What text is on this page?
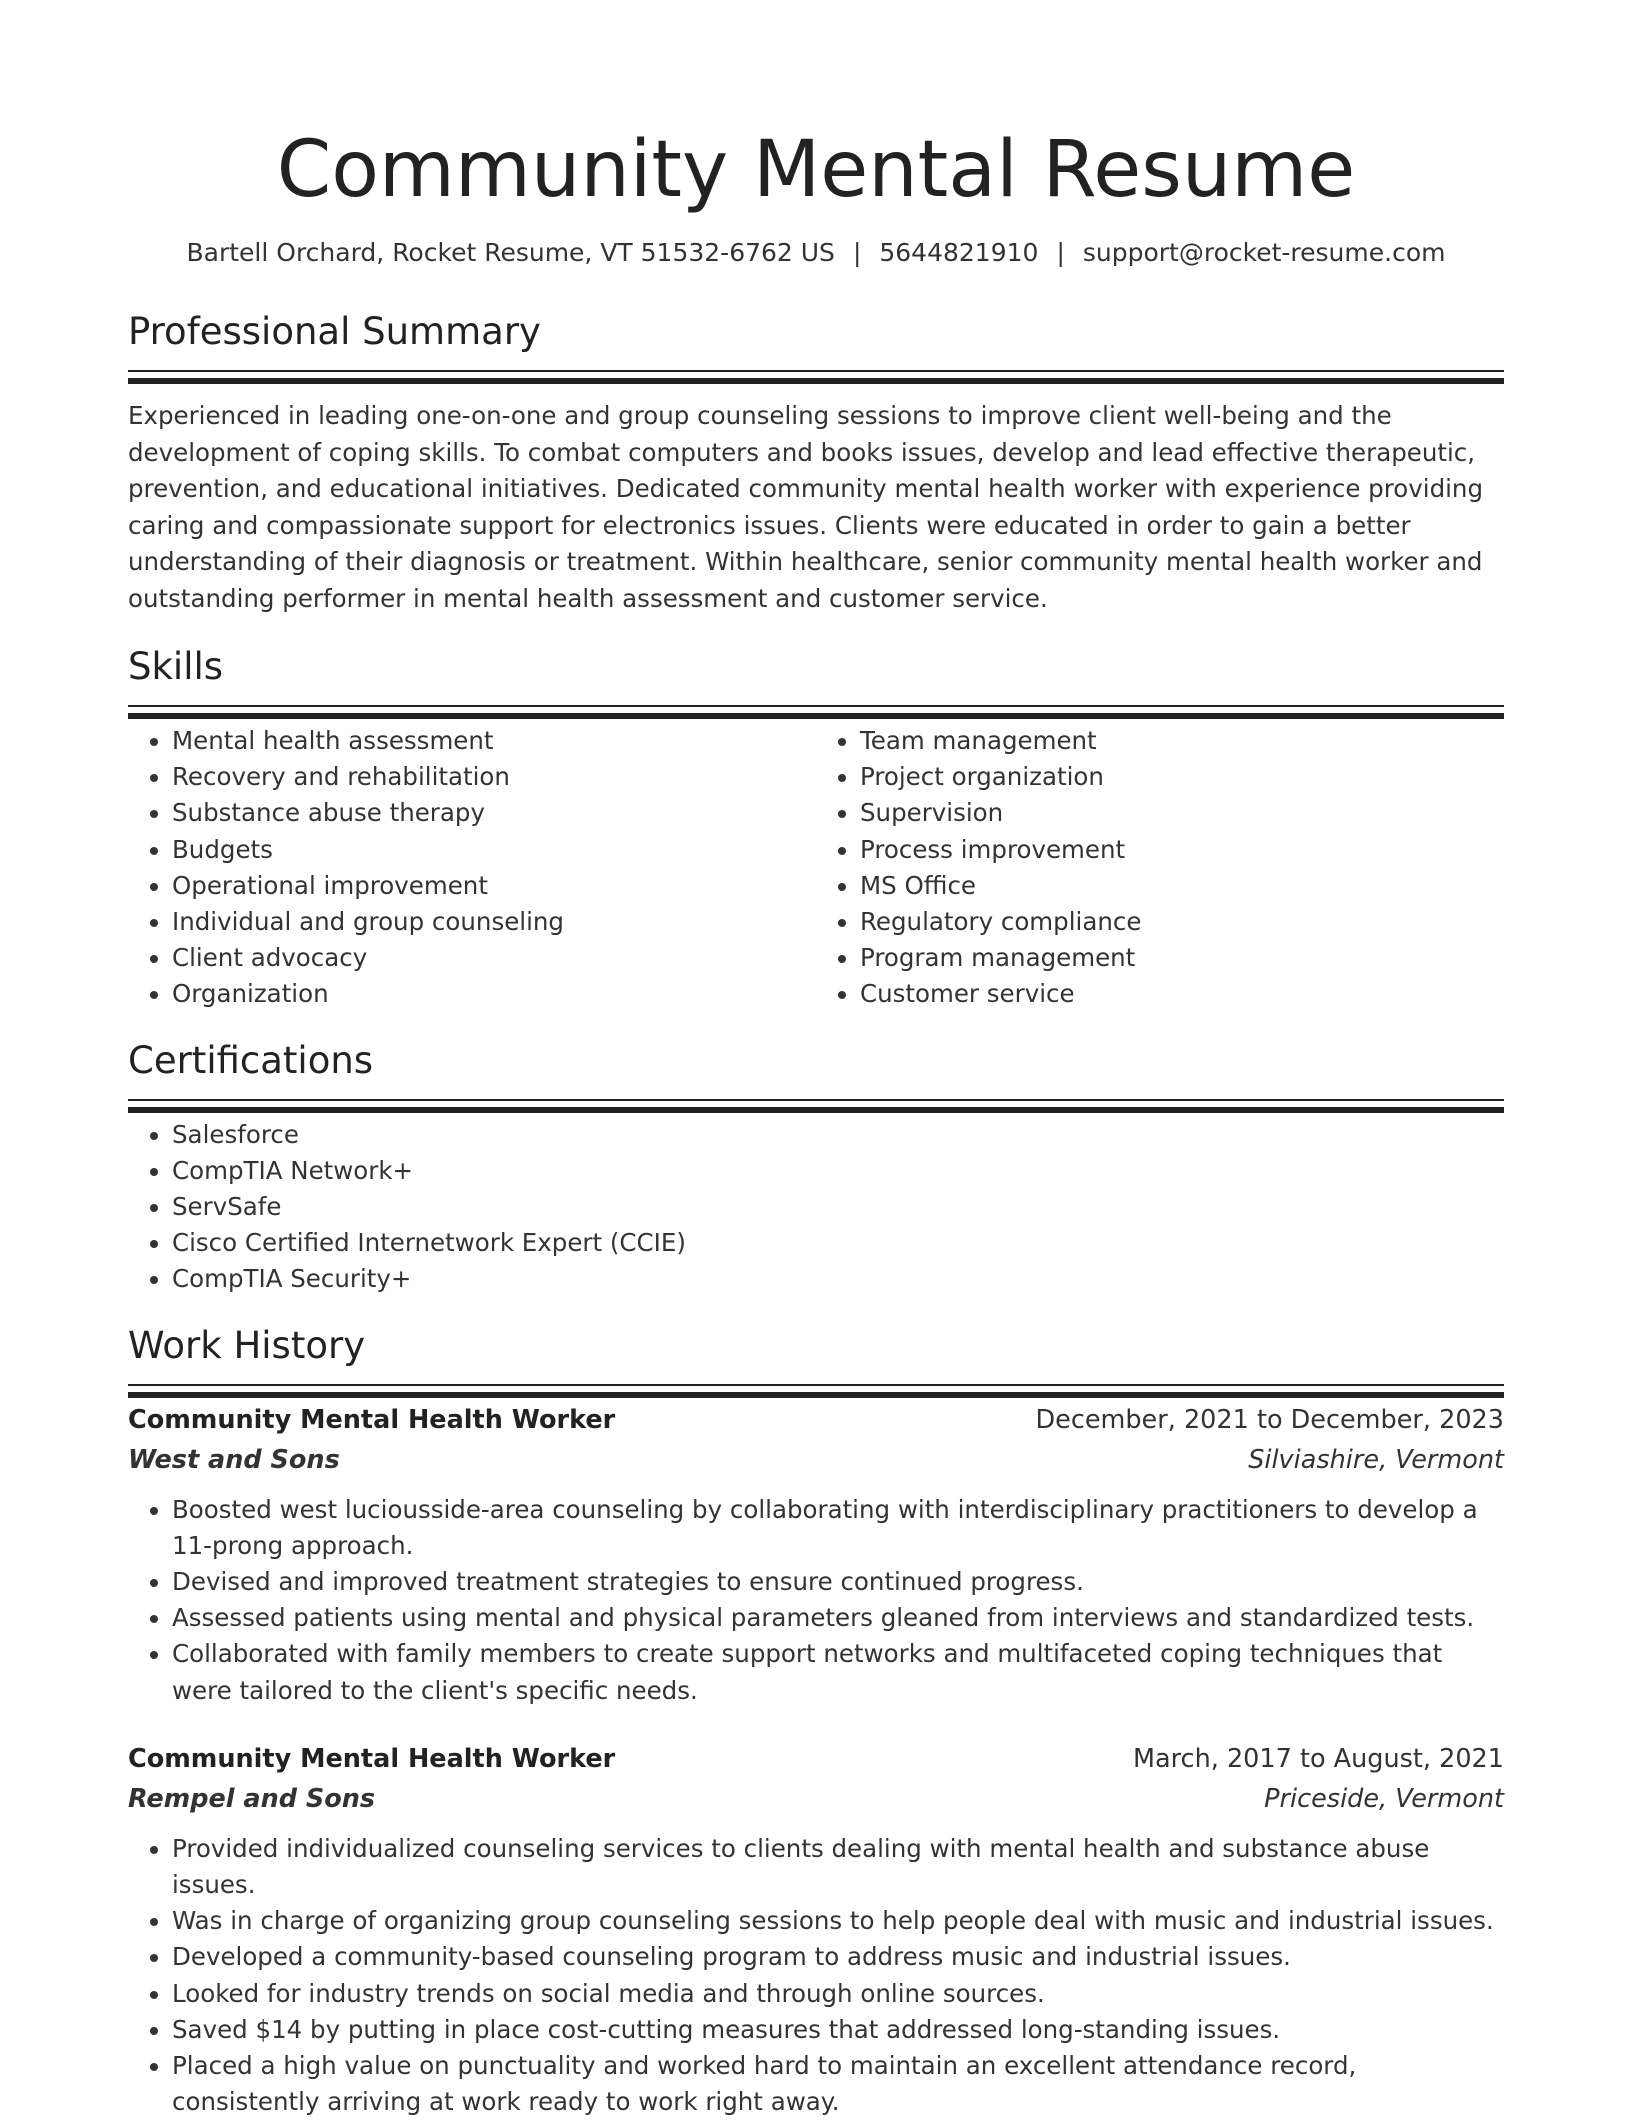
Community Mental Resume
Bartell Orchard, Rocket Resume, VT 51532-6762 US | 5644821910 | support@rocket-resume.com
Professional Summary
Experienced in leading one-on-one and group counseling sessions to improve client well-being and the development of coping skills. To combat computers and books issues, develop and lead effective therapeutic, prevention, and educational initiatives. Dedicated community mental health worker with experience providing caring and compassionate support for electronics issues. Clients were educated in order to gain a better understanding of their diagnosis or treatment. Within healthcare, senior community mental health worker and outstanding performer in mental health assessment and customer service.
Skills
• Mental health assessment
• Recovery and rehabilitation
• Substance abuse therapy
• Budgets
• Operational improvement
• Individual and group counseling
• Client advocacy
• Organization
• Team management
• Project organization
• Supervision
• Process improvement
• MS Office
• Regulatory compliance
• Program management
• Customer service
Certifications
• Salesforce
• CompTIA Network+
• ServSafe
• Cisco Certified Internetwork Expert (CCIE)
• CompTIA Security+
Work History
Community Mental Health Worker	December, 2021 to December, 2023
West and Sons	Silviashire, Vermont
• Boosted west luciousside-area counseling by collaborating with interdisciplinary practitioners to develop a 11-prong approach.
• Devised and improved treatment strategies to ensure continued progress.
• Assessed patients using mental and physical parameters gleaned from interviews and standardized tests.
• Collaborated with family members to create support networks and multifaceted coping techniques that were tailored to the client's specific needs.
Community Mental Health Worker	March, 2017 to August, 2021
Rempel and Sons	Priceside, Vermont
• Provided individualized counseling services to clients dealing with mental health and substance abuse issues.
• Was in charge of organizing group counseling sessions to help people deal with music and industrial issues.
• Developed a community-based counseling program to address music and industrial issues.
• Looked for industry trends on social media and through online sources.
• Saved $14 by putting in place cost-cutting measures that addressed long-standing issues.
• Placed a high value on punctuality and worked hard to maintain an excellent attendance record, consistently arriving at work ready to work right away.
